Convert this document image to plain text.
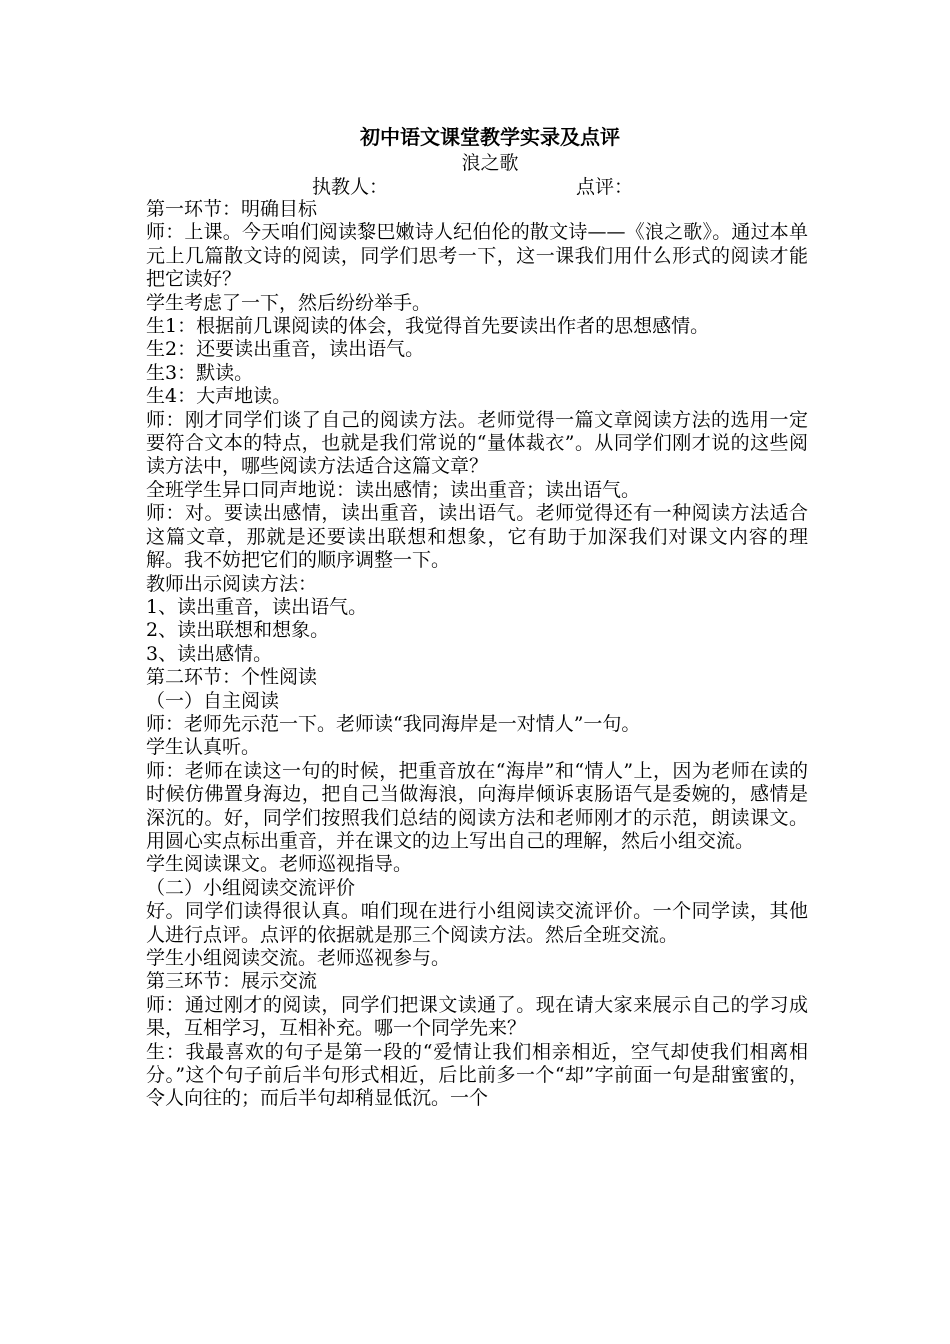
初中语文课堂教学实录及点评
浪之歌
执教人：	点评：

第一环节：明确目标

师：上课。今天咱们阅读黎巴嫩诗人纪伯伦的散文诗——《浪之歌》。通过本单元上几篇散文诗的阅读，同学们思考一下，这一课我们用什么形式的阅读才能把它读好？

学生考虑了一下，然后纷纷举手。

生1：根据前几课阅读的体会，我觉得首先要读出作者的思想感情。

生2：还要读出重音，读出语气。

生3：默读。

生4：大声地读。

师：刚才同学们谈了自己的阅读方法。老师觉得一篇文章阅读方法的选用一定要符合文本的特点，也就是我们常说的“量体裁衣”。从同学们刚才说的这些阅读方法中，哪些阅读方法适合这篇文章？

全班学生异口同声地说：读出感情；读出重音；读出语气。

师：对。要读出感情，读出重音，读出语气。老师觉得还有一种阅读方法适合这篇文章，那就是还要读出联想和想象，它有助于加深我们对课文内容的理解。我不妨把它们的顺序调整一下。

教师出示阅读方法：

1、读出重音，读出语气。

2、读出联想和想象。

3、读出感情。

第二环节：个性阅读

（一）自主阅读

师：老师先示范一下。老师读“我同海岸是一对情人”一句。

学生认真听。

师：老师在读这一句的时候，把重音放在“海岸”和“情人”上，因为老师在读的时候仿佛置身海边，把自己当做海浪，向海岸倾诉衷肠语气是委婉的，感情是深沉的。好，同学们按照我们总结的阅读方法和老师刚才的示范，朗读课文。用圆心实点标出重音，并在课文的边上写出自己的理解，然后小组交流。

学生阅读课文。老师巡视指导。

（二）小组阅读交流评价

好。同学们读得很认真。咱们现在进行小组阅读交流评价。一个同学读，其他人进行点评。点评的依据就是那三个阅读方法。然后全班交流。

学生小组阅读交流。老师巡视参与。

第三环节：展示交流

师：通过刚才的阅读，同学们把课文读通了。现在请大家来展示自己的学习成果，互相学习，互相补充。哪一个同学先来？

生：我最喜欢的句子是第一段的“爱情让我们相亲相近，空气却使我们相离相分。”这个句子前后半句形式相近，后比前多一个“却”字前面一句是甜蜜蜜的，令人向往的；而后半句却稍显低沉。一个
